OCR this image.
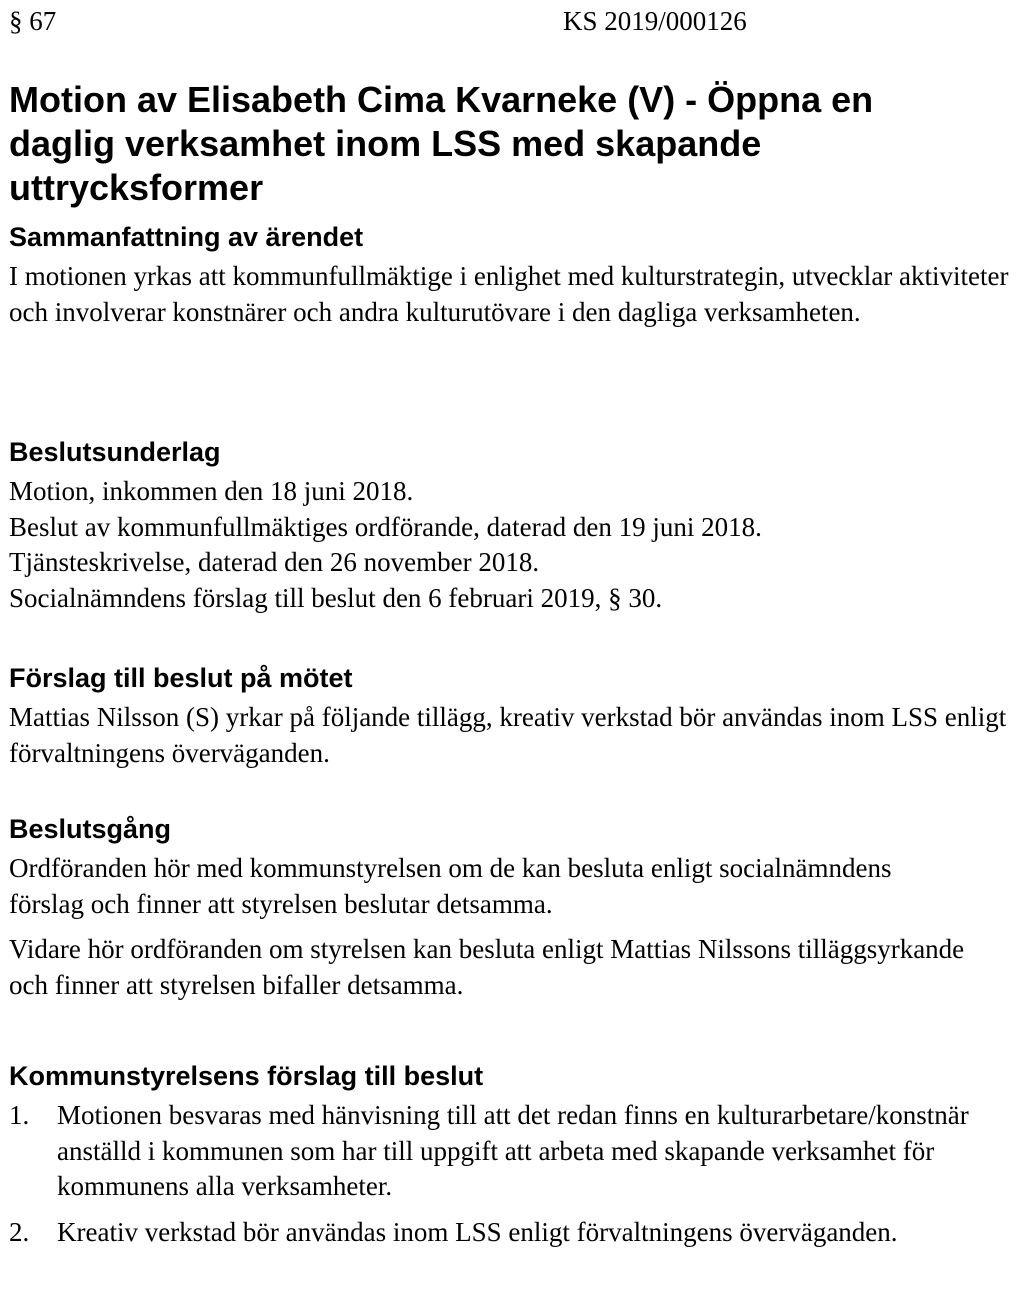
§ 67	KS 2019/000126
Motion av Elisabeth Cima Kvarneke (V) - Öppna en daglig verksamhet inom LSS med skapande uttrycksformer
Sammanfattning av ärendet

I motionen yrkas att kommunfullmäktige i enlighet med kulturstrategin, utvecklar aktiviteter och involverar konstnärer och andra kulturutövare i den dagliga verksamheten.

Beslutsunderlag

Motion, inkommen den 18 juni 2018.

Beslut av kommunfullmäktiges ordförande, daterad den 19 juni 2018.

Tjänsteskrivelse, daterad den 26 november 2018.

Socialnämndens förslag till beslut den 6 februari 2019, § 30.

Förslag till beslut på mötet

Mattias Nilsson (S) yrkar på följande tillägg, kreativ verkstad bör användas inom LSS enligt förvaltningens överväganden.

Beslutsgång

Ordföranden hör med kommunstyrelsen om de kan besluta enligt socialnämndens förslag och finner att styrelsen beslutar detsamma.

Vidare hör ordföranden om styrelsen kan besluta enligt Mattias Nilssons tilläggsyrkande och finner att styrelsen bifaller detsamma.

Kommunstyrelsens förslag till beslut
1. Motionen besvaras med hänvisning till att det redan finns en kulturarbetare/konstnär anställd i kommunen som har till uppgift att arbeta med skapande verksamhet för kommunens alla verksamheter.
2. Kreativ verkstad bör användas inom LSS enligt förvaltningens överväganden.
